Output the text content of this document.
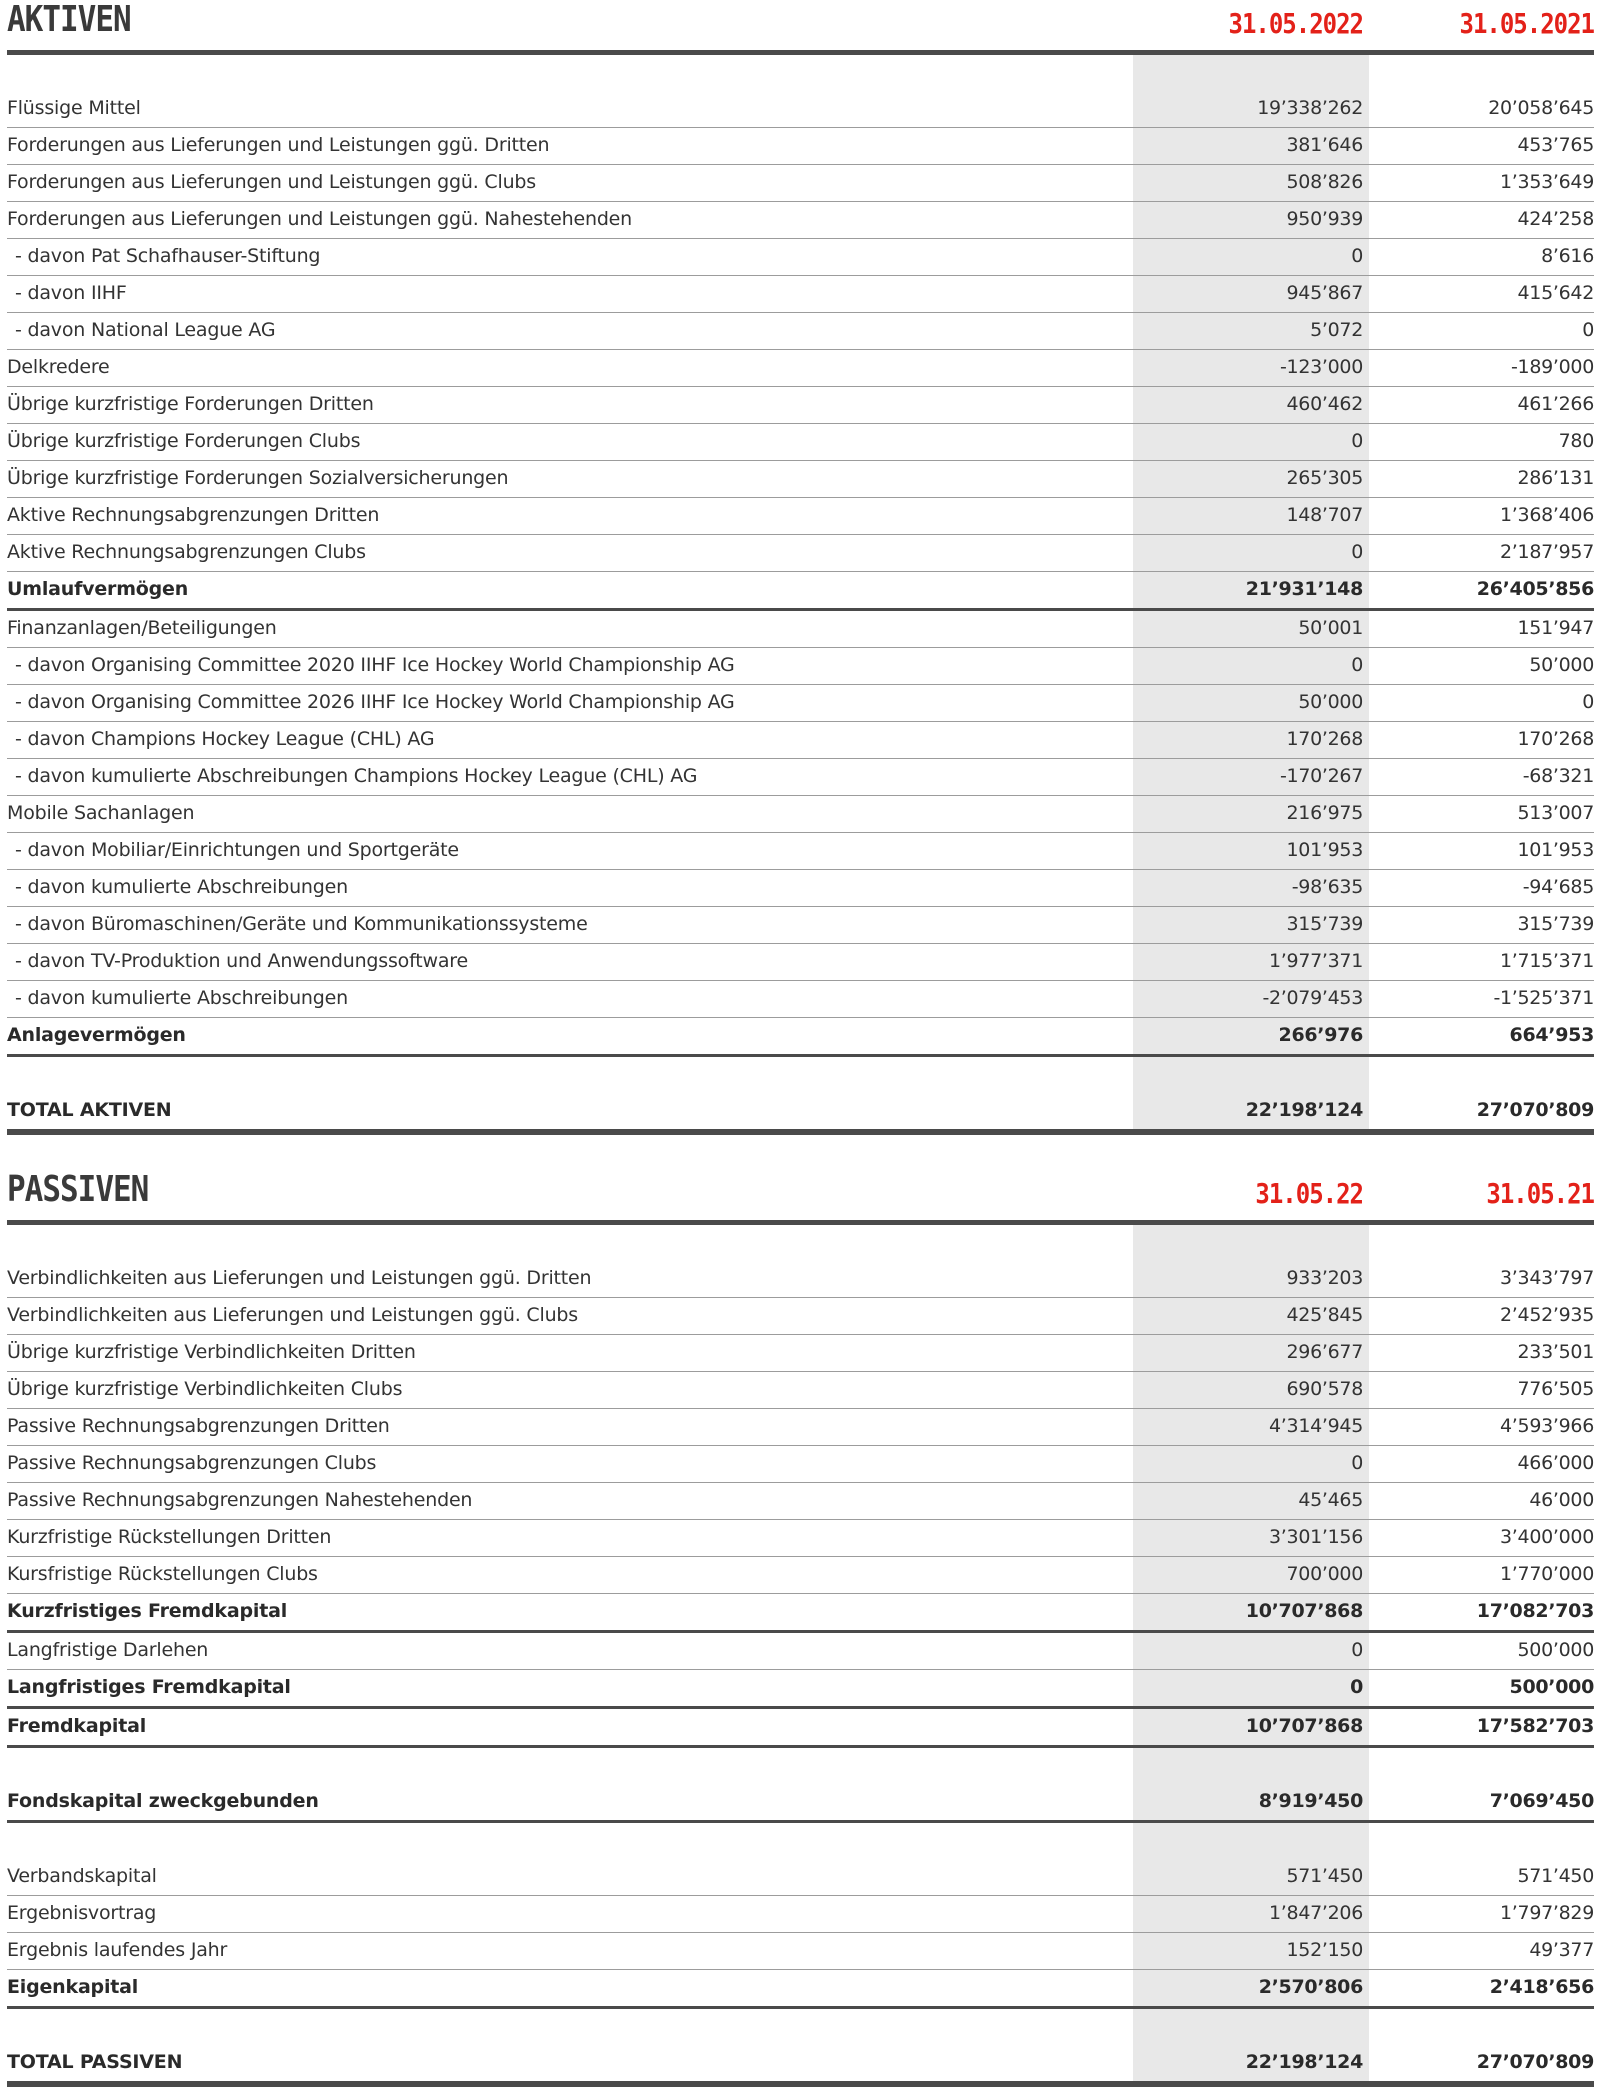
AKTIVEN	31.05.2022	31.05.2021
Flüssige Mittel	19’338’262	20’058’645
Forderungen aus Lieferungen und Leistungen ggü. Dritten	381’646	453’765
Forderungen aus Lieferungen und Leistungen ggü. Clubs	508’826	1’353’649
Forderungen aus Lieferungen und Leistungen ggü. Nahestehenden	950’939	424’258
- davon Pat Schafhauser-Stiftung	0	8’616
- davon IIHF	945’867	415’642
- davon National League AG	5’072	0
Delkredere	-123’000	-189’000
Übrige kurzfristige Forderungen Dritten	460’462	461’266
Übrige kurzfristige Forderungen Clubs	0	780
Übrige kurzfristige Forderungen Sozialversicherungen	265’305	286’131
Aktive Rechnungsabgrenzungen Dritten	148’707	1’368’406
Aktive Rechnungsabgrenzungen Clubs	0	2’187’957
Umlaufvermögen	21’931’148	26’405’856
Finanzanlagen/Beteiligungen	50’001	151’947
- davon Organising Committee 2020 IIHF Ice Hockey World Championship AG	0	50’000
- davon Organising Committee 2026 IIHF Ice Hockey World Championship AG	50’000	0
- davon Champions Hockey League (CHL) AG	170’268	170’268
- davon kumulierte Abschreibungen Champions Hockey League (CHL) AG	-170’267	-68’321
Mobile Sachanlagen	216’975	513’007
- davon Mobiliar/Einrichtungen und Sportgeräte	101’953	101’953
- davon kumulierte Abschreibungen	-98’635	-94’685
- davon Büromaschinen/Geräte und Kommunikationssysteme	315’739	315’739
- davon TV-Produktion und Anwendungssoftware	1’977’371	1’715’371
- davon kumulierte Abschreibungen	-2’079’453	-1’525’371
Anlagevermögen	266’976	664’953
TOTAL AKTIVEN	22’198’124	27’070’809
PASSIVEN	31.05.22	31.05.21
Verbindlichkeiten aus Lieferungen und Leistungen ggü. Dritten	933’203	3’343’797
Verbindlichkeiten aus Lieferungen und Leistungen ggü. Clubs	425’845	2’452’935
Übrige kurzfristige Verbindlichkeiten Dritten	296’677	233’501
Übrige kurzfristige Verbindlichkeiten Clubs	690’578	776’505
Passive Rechnungsabgrenzungen Dritten	4’314’945	4’593’966
Passive Rechnungsabgrenzungen Clubs	0	466’000
Passive Rechnungsabgrenzungen Nahestehenden	45’465	46’000
Kurzfristige Rückstellungen Dritten	3’301’156	3’400’000
Kursfristige Rückstellungen Clubs	700’000	1’770’000
Kurzfristiges Fremdkapital	10’707’868	17’082’703
Langfristige Darlehen	0	500’000
Langfristiges Fremdkapital	0	500’000
Fremdkapital	10’707’868	17’582’703
Fondskapital zweckgebunden	8’919’450	7’069’450
Verbandskapital	571’450	571’450
Ergebnisvortrag	1’847’206	1’797’829
Ergebnis laufendes Jahr	152’150	49’377
Eigenkapital	2’570’806	2’418’656
TOTAL PASSIVEN	22’198’124	27’070’809
